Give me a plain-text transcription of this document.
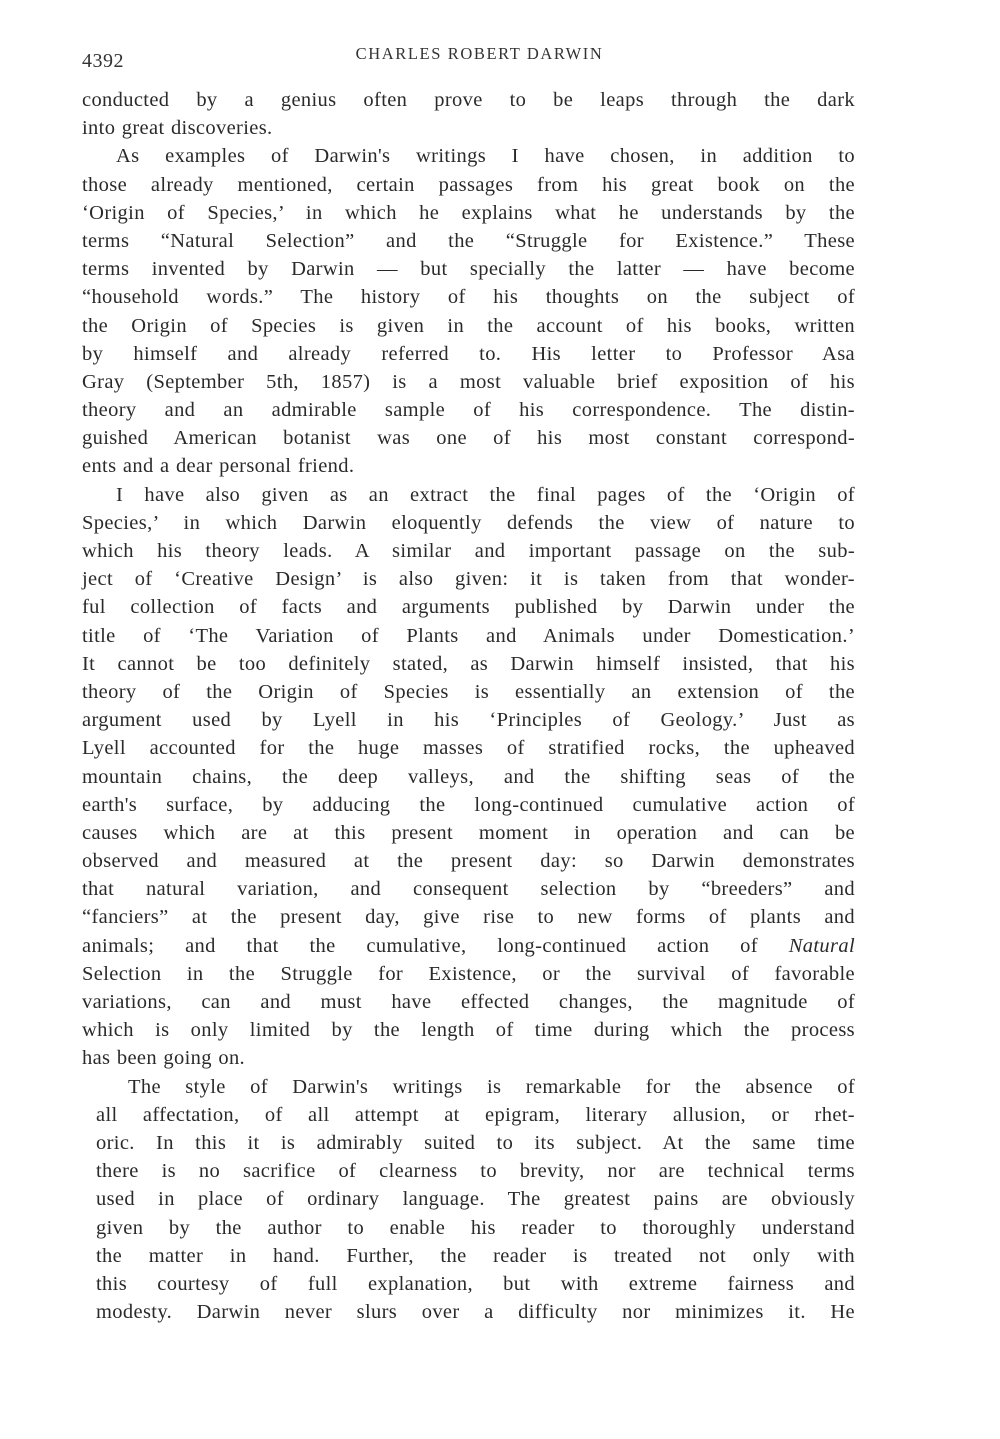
4392	CHARLES ROBERT DARWIN
conducted by a genius often prove to be leaps through the dark
into great discoveries.
As examples of Darwin's writings I have chosen, in addition to
those already mentioned, certain passages from his great book on the
‘Origin of Species,’ in which he explains what he understands by the
terms “Natural Selection” and the “Struggle for Existence.” These
terms invented by Darwin — but specially the latter — have become
“household words.” The history of his thoughts on the subject of
the Origin of Species is given in the account of his books, written
by himself and already referred to. His letter to Professor Asa
Gray (September 5th, 1857) is a most valuable brief exposition of his
theory and an admirable sample of his correspondence. The distin-
guished American botanist was one of his most constant correspond-
ents and a dear personal friend.
I have also given as an extract the final pages of the ‘Origin of
Species,’ in which Darwin eloquently defends the view of nature to
which his theory leads. A similar and important passage on the sub-
ject of ‘Creative Design’ is also given: it is taken from that wonder-
ful collection of facts and arguments published by Darwin under the
title of ‘The Variation of Plants and Animals under Domestication.’
It cannot be too definitely stated, as Darwin himself insisted, that his
theory of the Origin of Species is essentially an extension of the
argument used by Lyell in his ‘Principles of Geology.’ Just as
Lyell accounted for the huge masses of stratified rocks, the upheaved
mountain chains, the deep valleys, and the shifting seas of the
earth's surface, by adducing the long-continued cumulative action of
causes which are at this present moment in operation and can be
observed and measured at the present day: so Darwin demonstrates
that natural variation, and consequent selection by “breeders” and
“fanciers” at the present day, give rise to new forms of plants and
animals; and that the cumulative, long-continued action of Natural
Selection in the Struggle for Existence, or the survival of favorable
variations, can and must have effected changes, the magnitude of
which is only limited by the length of time during which the process
has been going on.
The style of Darwin's writings is remarkable for the absence of
all affectation, of all attempt at epigram, literary allusion, or rhet-
oric. In this it is admirably suited to its subject. At the same time
there is no sacrifice of clearness to brevity, nor are technical terms
used in place of ordinary language. The greatest pains are obviously
given by the author to enable his reader to thoroughly understand
the matter in hand. Further, the reader is treated not only with
this courtesy of full explanation, but with extreme fairness and
modesty. Darwin never slurs over a difficulty nor minimizes it. He
